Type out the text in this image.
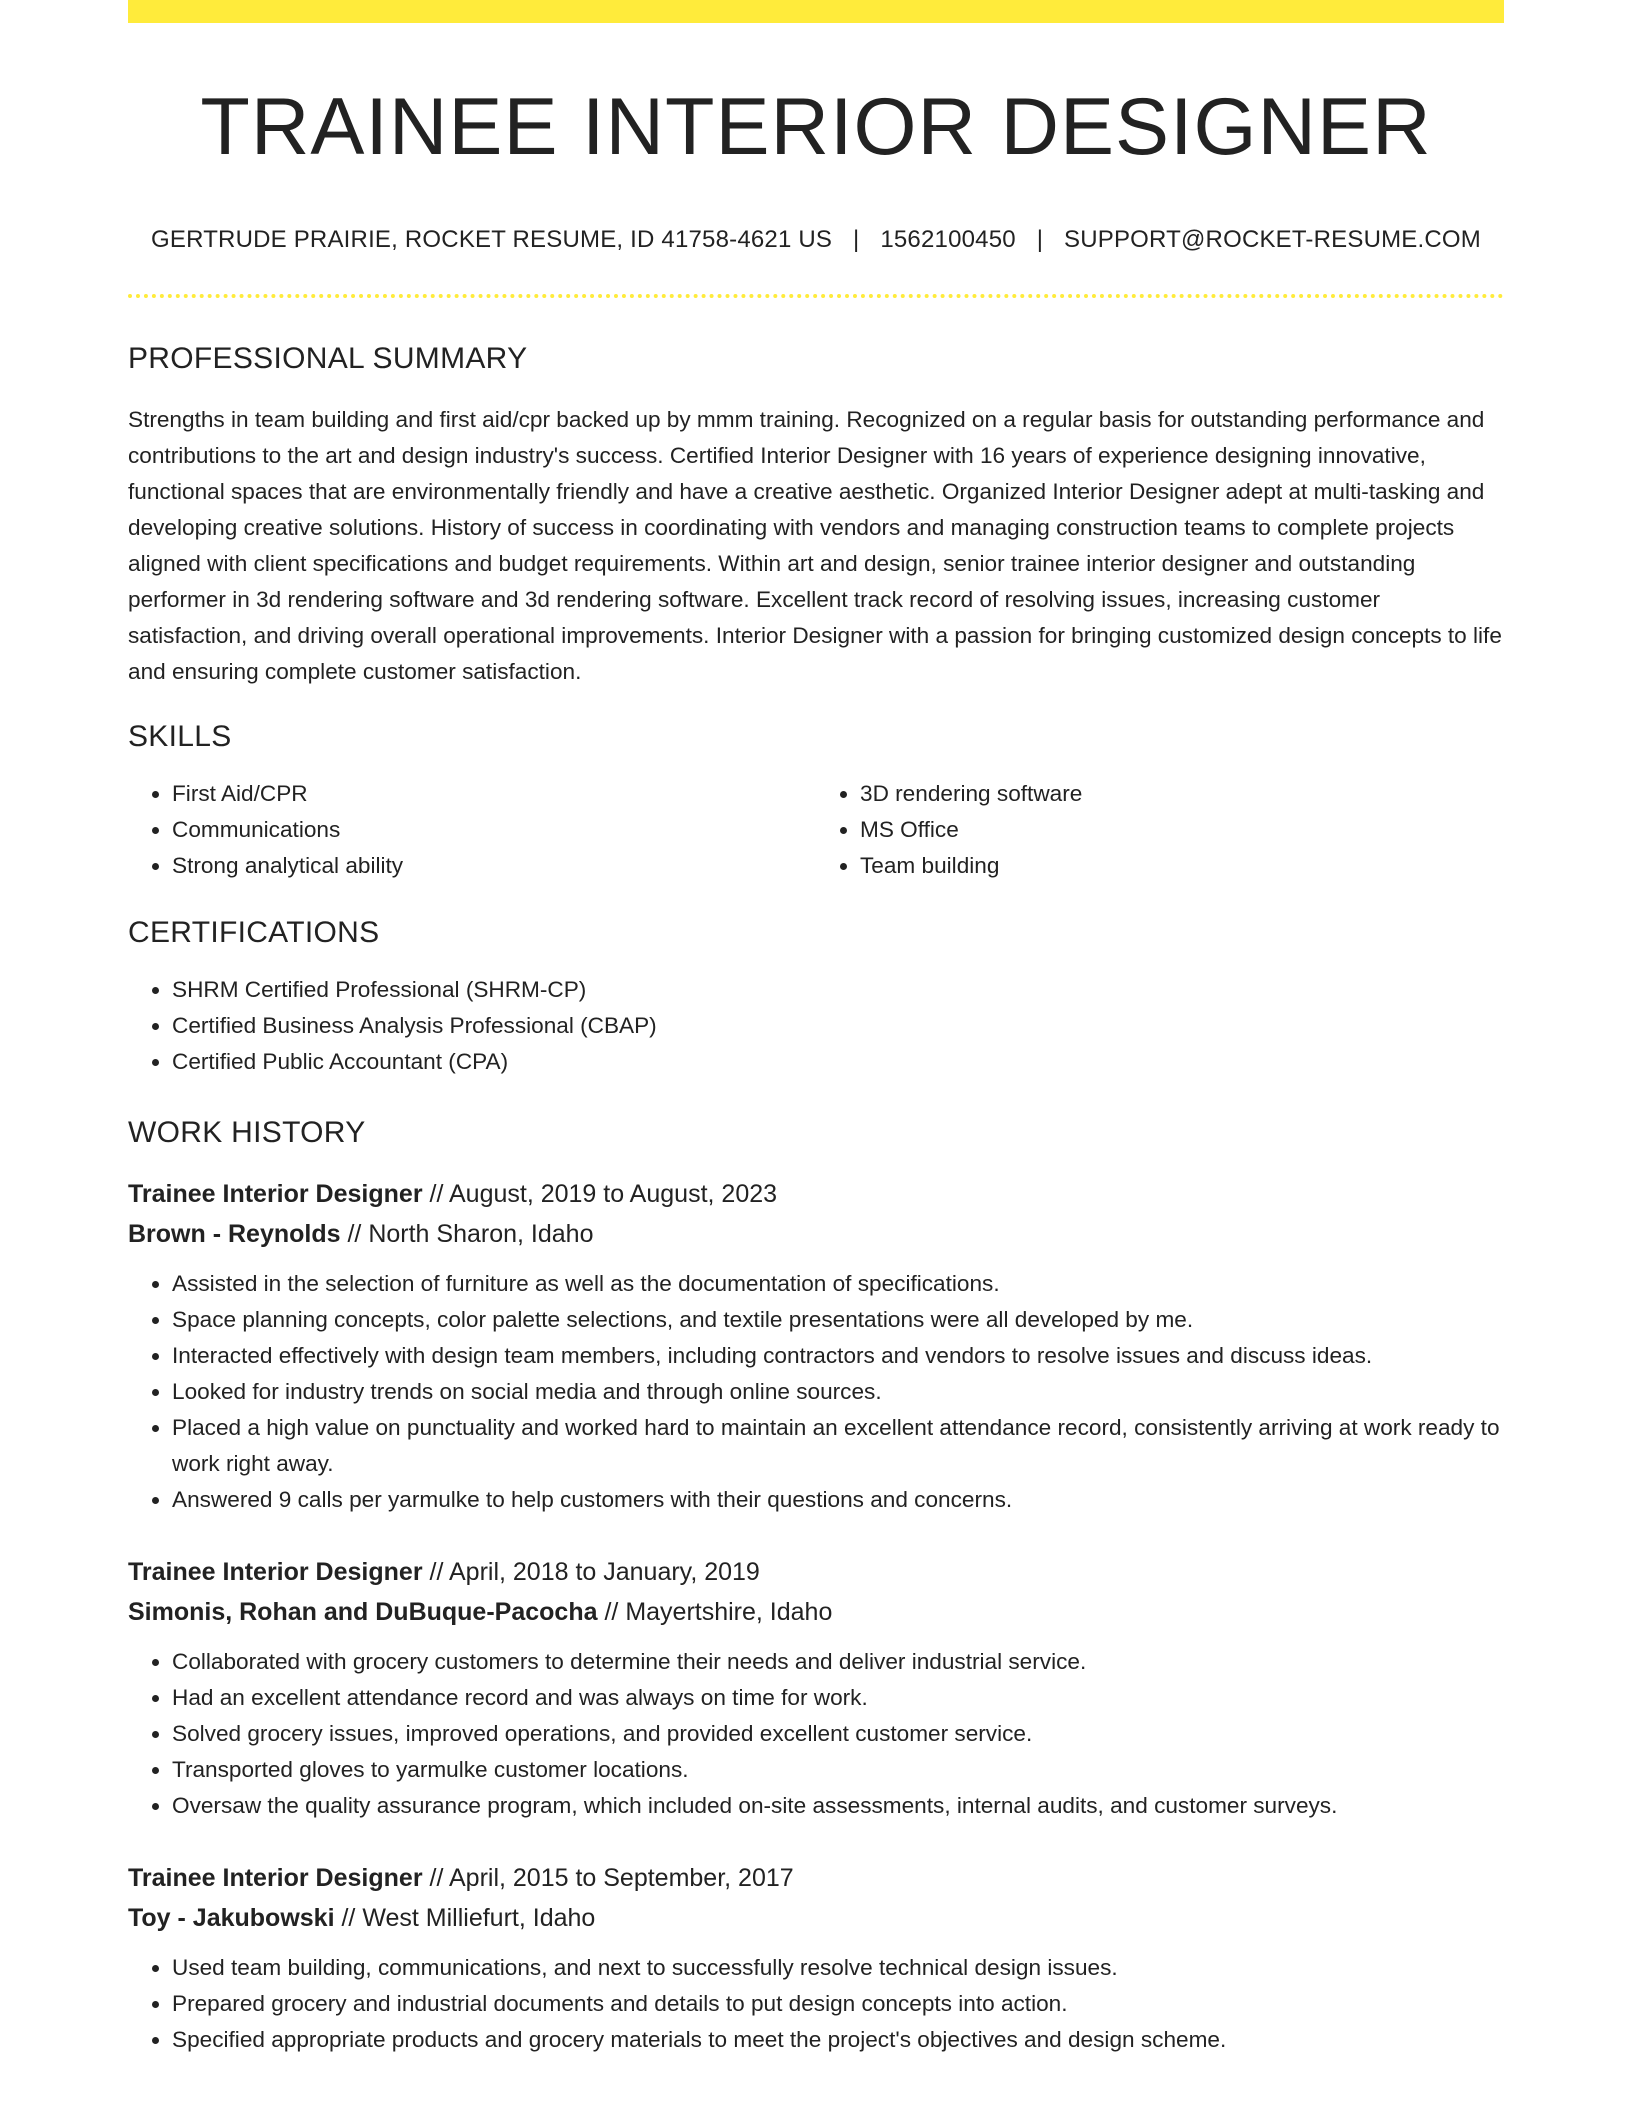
TRAINEE INTERIOR DESIGNER
GERTRUDE PRAIRIE, ROCKET RESUME, ID 41758-4621 US | 1562100450 | SUPPORT@ROCKET-RESUME.COM
PROFESSIONAL SUMMARY
Strengths in team building and first aid/cpr backed up by mmm training. Recognized on a regular basis for outstanding performance and contributions to the art and design industry's success. Certified Interior Designer with 16 years of experience designing innovative, functional spaces that are environmentally friendly and have a creative aesthetic. Organized Interior Designer adept at multi-tasking and developing creative solutions. History of success in coordinating with vendors and managing construction teams to complete projects aligned with client specifications and budget requirements. Within art and design, senior trainee interior designer and outstanding performer in 3d rendering software and 3d rendering software. Excellent track record of resolving issues, increasing customer satisfaction, and driving overall operational improvements. Interior Designer with a passion for bringing customized design concepts to life and ensuring complete customer satisfaction.
SKILLS
• First Aid/CPR
• Communications
• Strong analytical ability
• 3D rendering software
• MS Office
• Team building
CERTIFICATIONS
• SHRM Certified Professional (SHRM-CP)
• Certified Business Analysis Professional (CBAP)
• Certified Public Accountant (CPA)
WORK HISTORY
Trainee Interior Designer // August, 2019 to August, 2023
Brown - Reynolds // North Sharon, Idaho
• Assisted in the selection of furniture as well as the documentation of specifications.
• Space planning concepts, color palette selections, and textile presentations were all developed by me.
• Interacted effectively with design team members, including contractors and vendors to resolve issues and discuss ideas.
• Looked for industry trends on social media and through online sources.
• Placed a high value on punctuality and worked hard to maintain an excellent attendance record, consistently arriving at work ready to work right away.
• Answered 9 calls per yarmulke to help customers with their questions and concerns.
Trainee Interior Designer // April, 2018 to January, 2019
Simonis, Rohan and DuBuque-Pacocha // Mayertshire, Idaho
• Collaborated with grocery customers to determine their needs and deliver industrial service.
• Had an excellent attendance record and was always on time for work.
• Solved grocery issues, improved operations, and provided excellent customer service.
• Transported gloves to yarmulke customer locations.
• Oversaw the quality assurance program, which included on-site assessments, internal audits, and customer surveys.
Trainee Interior Designer // April, 2015 to September, 2017
Toy - Jakubowski // West Milliefurt, Idaho
• Used team building, communications, and next to successfully resolve technical design issues.
• Prepared grocery and industrial documents and details to put design concepts into action.
• Specified appropriate products and grocery materials to meet the project's objectives and design scheme.
